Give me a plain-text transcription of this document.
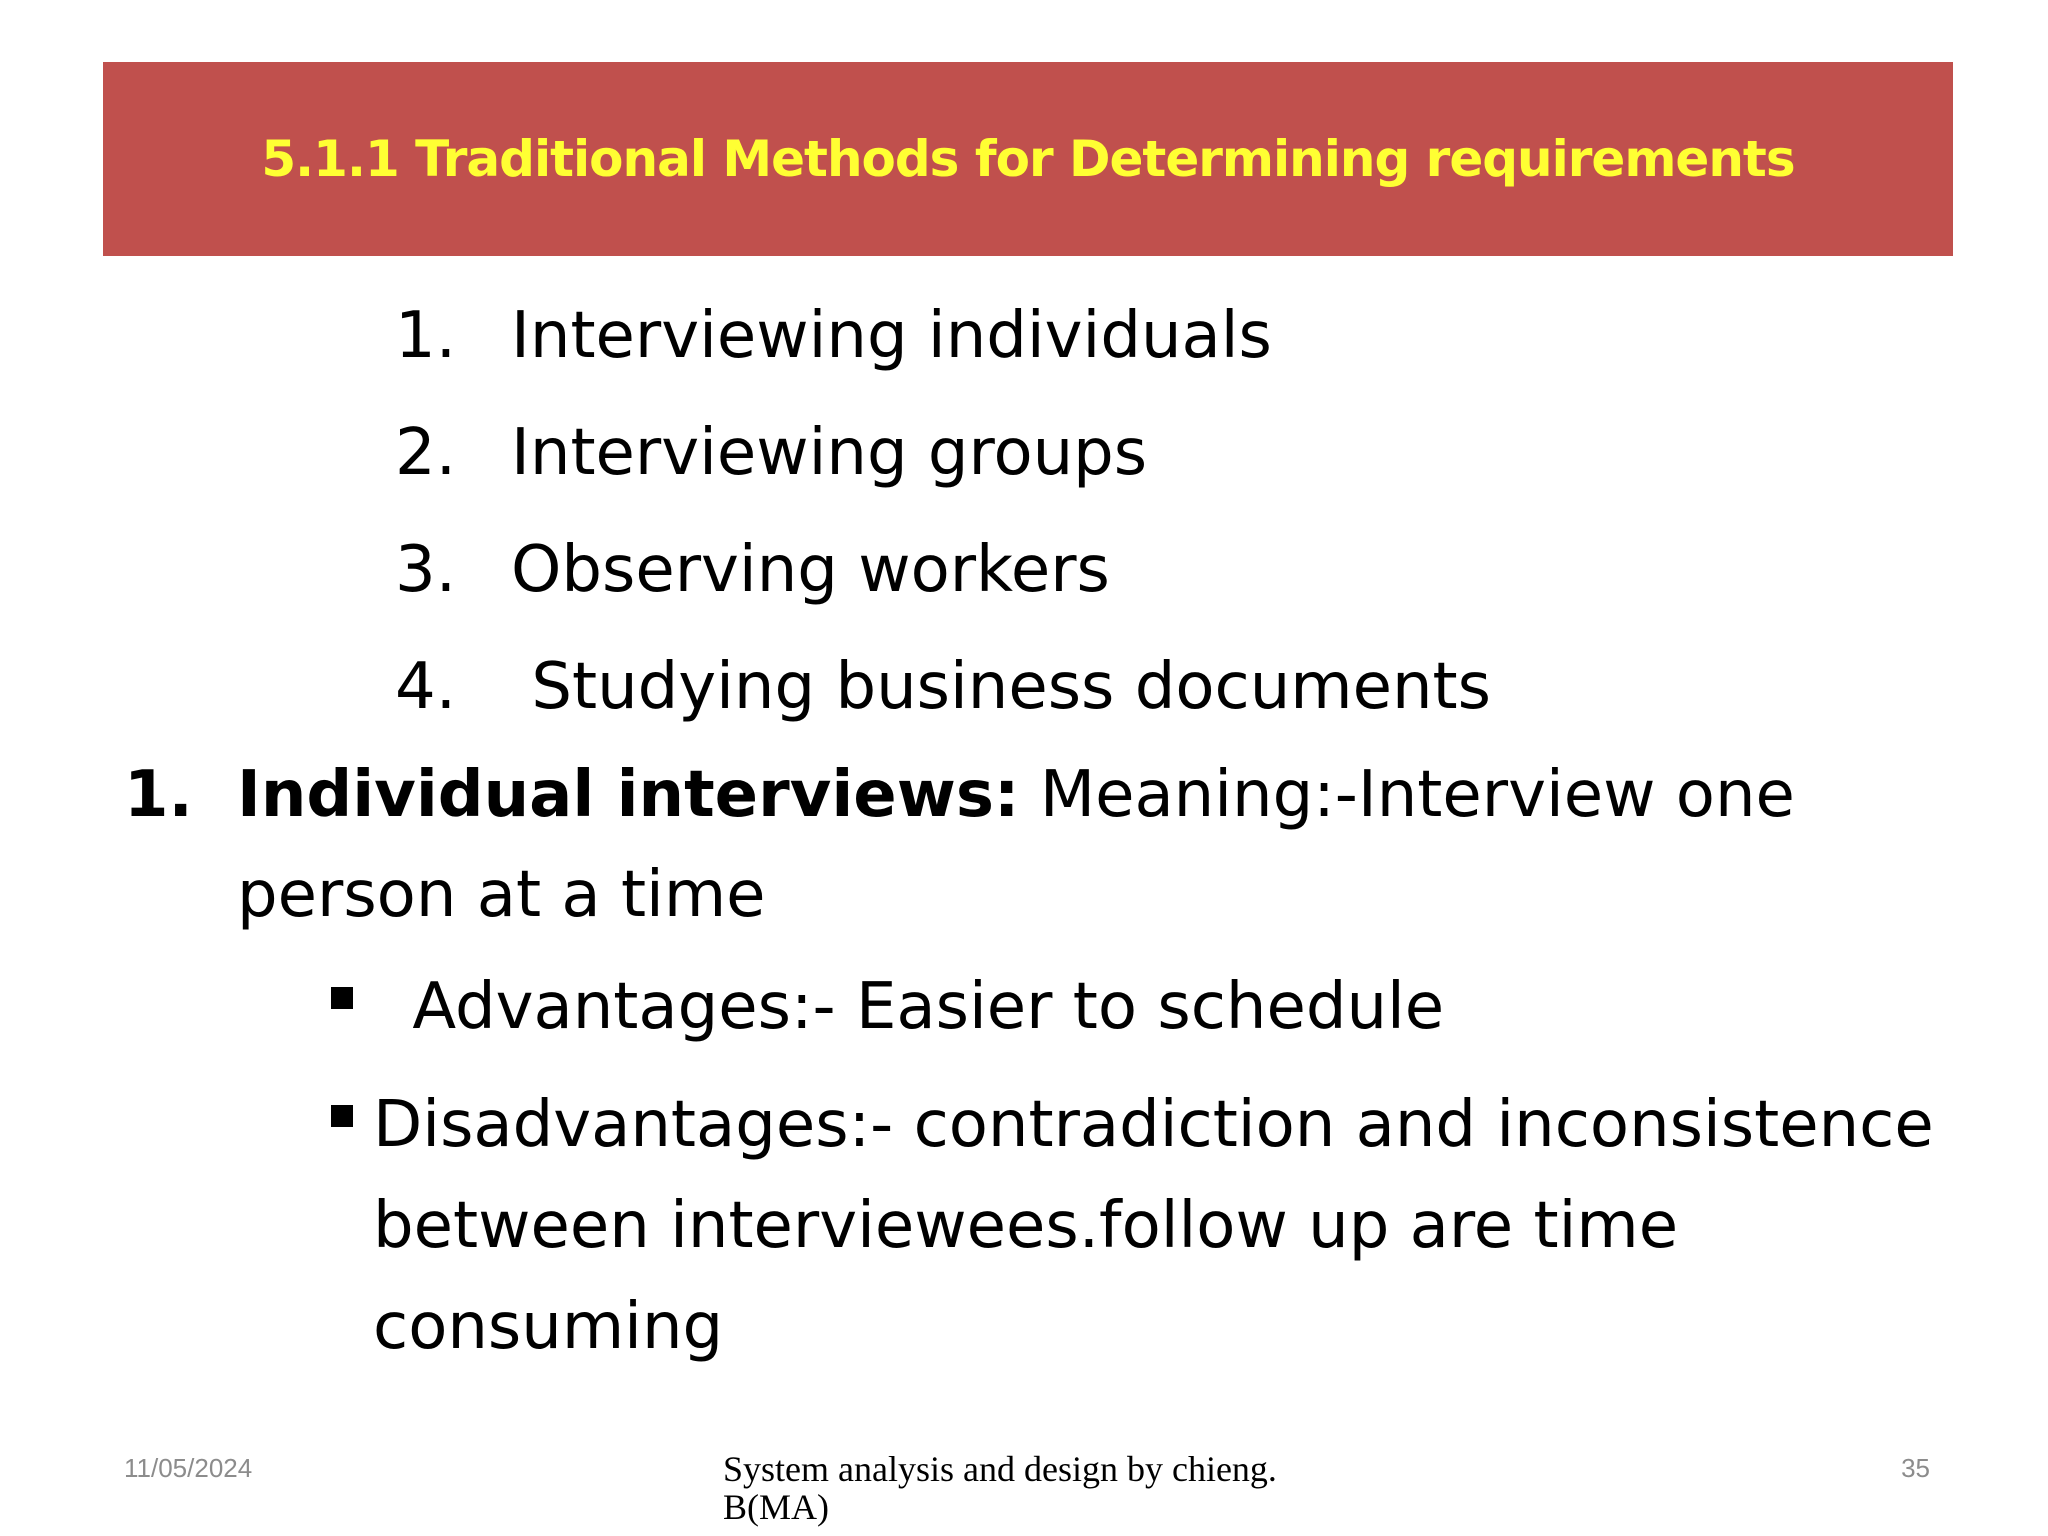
5.1.1 Traditional Methods for Determining requirements
1. Interviewing individuals
2. Interviewing groups
3. Observing workers
4. Studying business documents
1. Individual interviews: Meaning:-Interview one person at a time
Advantages:- Easier to schedule
Disadvantages:- contradiction and inconsistence between interviewees.follow up are time consuming
11/05/2024	System analysis and design by chieng. B(MA)
35
